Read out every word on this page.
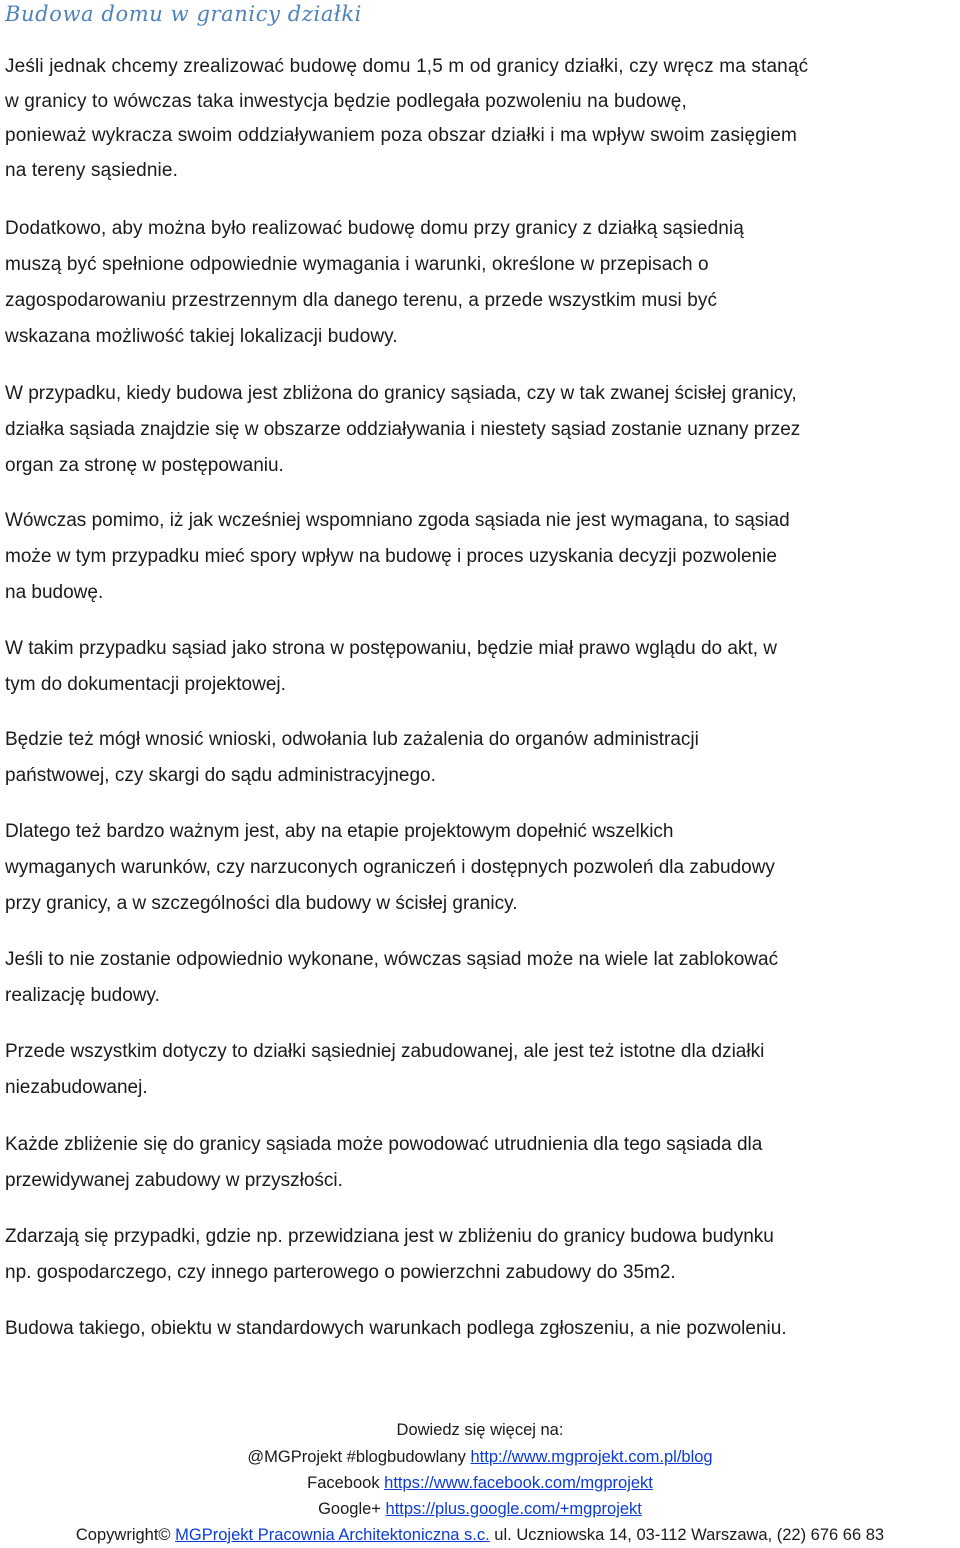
Budowa domu w granicy działki

Jeśli jednak chcemy zrealizować budowę domu 1,5 m od granicy działki, czy wręcz ma stanąć
w granicy to wówczas taka inwestycja będzie podlegała pozwoleniu na budowę,
ponieważ wykracza swoim oddziaływaniem poza obszar działki i ma wpływ swoim zasięgiem
na tereny sąsiednie.

Dodatkowo, aby można było realizować budowę domu przy granicy z działką sąsiednią
muszą być spełnione odpowiednie wymagania i warunki, określone w przepisach o
zagospodarowaniu przestrzennym dla danego terenu, a przede wszystkim musi być
wskazana możliwość takiej lokalizacji budowy.

W przypadku, kiedy budowa jest zbliżona do granicy sąsiada, czy w tak zwanej ścisłej granicy,
działka sąsiada znajdzie się w obszarze oddziaływania i niestety sąsiad zostanie uznany przez
organ za stronę w postępowaniu.

Wówczas pomimo, iż jak wcześniej wspomniano zgoda sąsiada nie jest wymagana, to sąsiad
może w tym przypadku mieć spory wpływ na budowę i proces uzyskania decyzji pozwolenie
na budowę.

W takim przypadku sąsiad jako strona w postępowaniu, będzie miał prawo wglądu do akt, w
tym do dokumentacji projektowej.

Będzie też mógł wnosić wnioski, odwołania lub zażalenia do organów administracji
państwowej, czy skargi do sądu administracyjnego.

Dlatego też bardzo ważnym jest, aby na etapie projektowym dopełnić wszelkich
wymaganych warunków, czy narzuconych ograniczeń i dostępnych pozwoleń dla zabudowy
przy granicy, a w szczególności dla budowy w ścisłej granicy.

Jeśli to nie zostanie odpowiednio wykonane, wówczas sąsiad może na wiele lat zablokować
realizację budowy.

Przede wszystkim dotyczy to działki sąsiedniej zabudowanej, ale jest też istotne dla działki
niezabudowanej.

Każde zbliżenie się do granicy sąsiada może powodować utrudnienia dla tego sąsiada dla
przewidywanej zabudowy w przyszłości.

Zdarzają się przypadki, gdzie np. przewidziana jest w zbliżeniu do granicy budowa budynku
np. gospodarczego, czy innego parterowego o powierzchni zabudowy do 35m2.

Budowa takiego, obiektu w standardowych warunkach podlega zgłoszeniu, a nie pozwoleniu.

Dowiedz się więcej na:
@MGProjekt #blogbudowlany http://www.mgprojekt.com.pl/blog
Facebook https://www.facebook.com/mgprojekt
Google+ https://plus.google.com/+mgprojekt
Copywright© MGProjekt Pracownia Architektoniczna s.c. ul. Uczniowska 14, 03-112 Warszawa, (22) 676 66 83
